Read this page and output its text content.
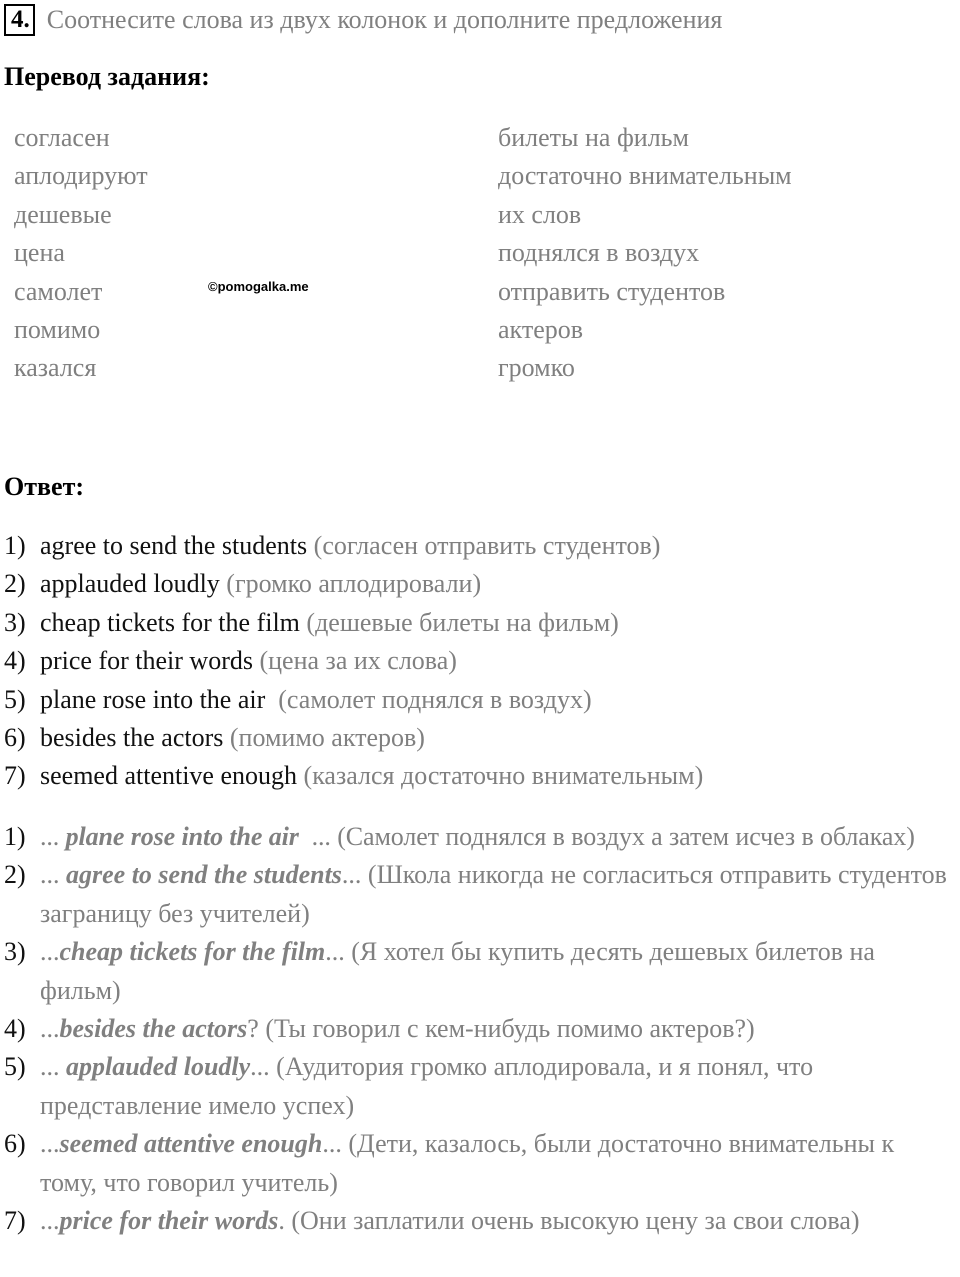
4. Соотнесите слова из двух колонок и дополните предложения
Перевод задания:
согласен
аплодируют
дешевые
цена
самолет
помимо
казался
билеты на фильм
достаточно внимательным
их слов
поднялся в воздух
отправить студентов
актеров
громко
©pomogalka.me
Ответ:
1) agree to send the students (согласен отправить студентов)
2) applauded loudly (громко аплодировали)
3) cheap tickets for the film (дешевые билеты на фильм)
4) price for their words (цена за их слова)
5) plane rose into the air  (самолет поднялся в воздух)
6) besides the actors (помимо актеров)
7) seemed attentive enough (казался достаточно внимательным)
1) ... plane rose into the air  ... (Самолет поднялся в воздух а затем исчез в облаках)
2) ... agree to send the students... (Школа никогда не согласиться отправить студентов заграницу без учителей)
3) ...cheap tickets for the film... (Я хотел бы купить десять дешевых билетов на фильм)
4) ...besides the actors? (Ты говорил с кем-нибудь помимо актеров?)
5) ... applauded loudly... (Аудитория громко аплодировала, и я понял, что представление имело успех)
6) ...seemed attentive enough... (Дети, казалось, были достаточно внимательны к тому, что говорил учитель)
7) ...price for their words. (Они заплатили очень высокую цену за свои слова)
